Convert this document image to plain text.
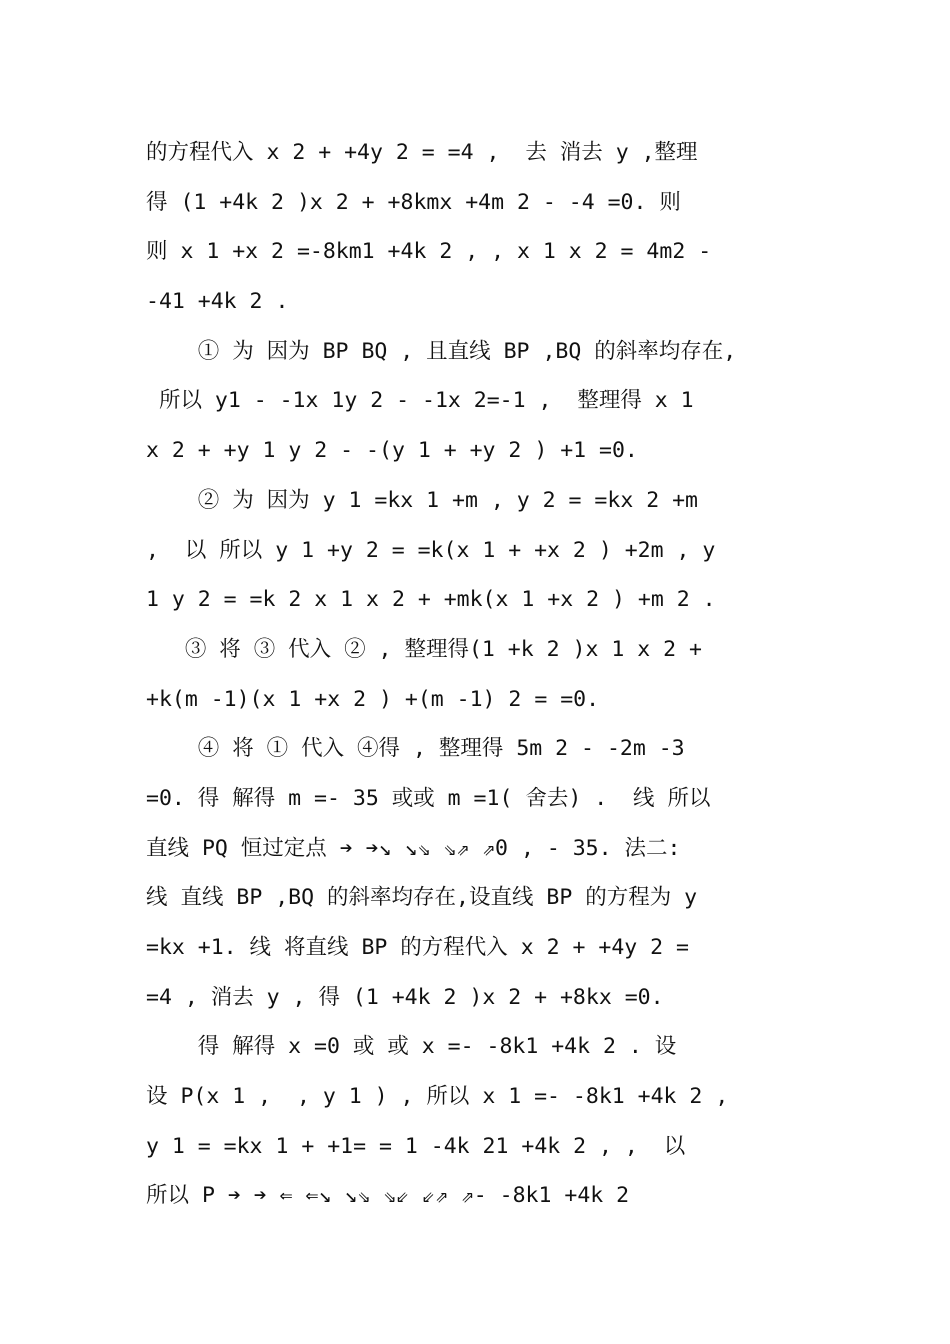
的方程代入 x 2 + +4y 2 = =4 ,  去 消去 y ,整理
得 (1 +4k 2 )x 2 + +8kmx +4m 2 - -4 =0. 则
则 x 1 +x 2 =-8km1 +4k 2 , , x 1 x 2 = 4m2 -
-41 +4k 2 .
① 为 因为 BP BQ , 且直线 BP ,BQ 的斜率均存在,
所以 y1 - -1x 1y 2 - -1x 2=-1 ,  整理得 x 1
x 2 + +y 1 y 2 - -(y 1 + +y 2 ) +1 =0.
② 为 因为 y 1 =kx 1 +m , y 2 = =kx 2 +m
,  以 所以 y 1 +y 2 = =k(x 1 + +x 2 ) +2m , y
1 y 2 = =k 2 x 1 x 2 + +mk(x 1 +x 2 ) +m 2 .
③ 将 ③ 代入 ② , 整理得(1 +k 2 )x 1 x 2 +
+k(m -1)(x 1 +x 2 ) +(m -1) 2 = =0.
④ 将 ① 代入 ④得 , 整理得 5m 2 - -2m -3
=0. 得 解得 m =- 35 或或 m =1( 舍去) .  线 所以
直线 PQ 恒过定点 ➔ ➔↘ ↘⇘ ⇘⇗ ⇗0 , - 35. 法二:
线 直线 BP ,BQ 的斜率均存在,设直线 BP 的方程为 y
=kx +1. 线 将直线 BP 的方程代入 x 2 + +4y 2 =
=4 , 消去 y , 得 (1 +4k 2 )x 2 + +8kx =0.
得 解得 x =0 或 或 x =- -8k1 +4k 2 . 设
设 P(x 1 ,  , y 1 ) , 所以 x 1 =- -8k1 +4k 2 ,
y 1 = =kx 1 + +1= = 1 -4k 21 +4k 2 , ,  以
所以 P ➔ ➔ ⇐ ⇐↘ ↘⇘ ⇘⇙ ⇙⇗ ⇗- -8k1 +4k 2
